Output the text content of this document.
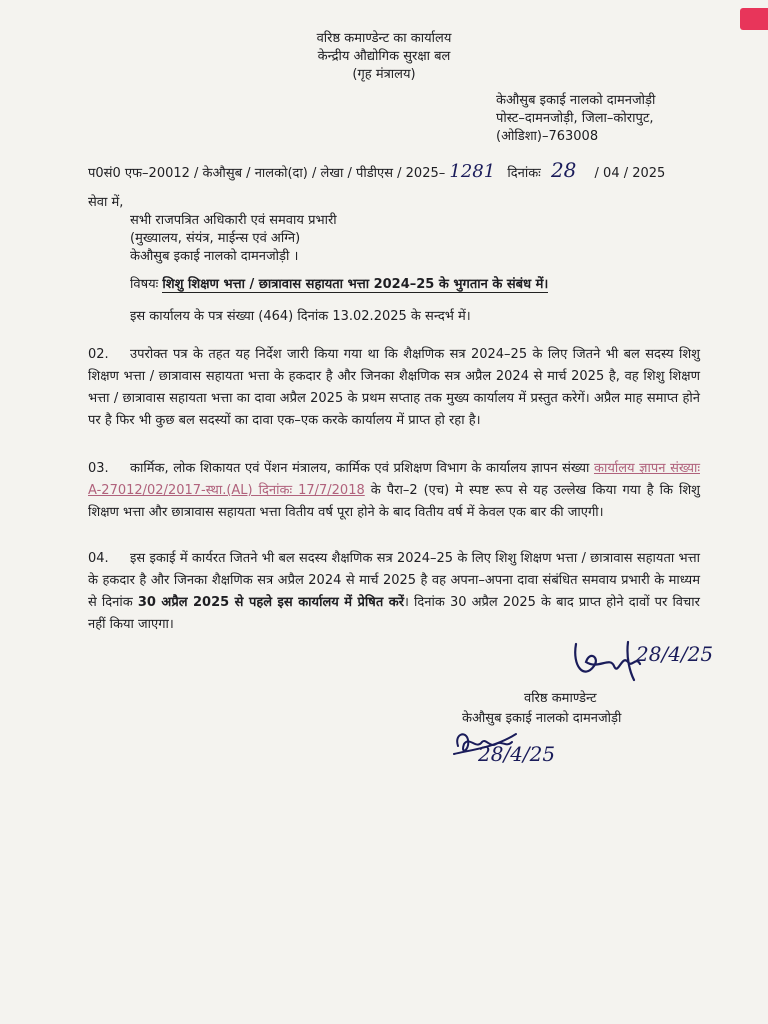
वरिष्ठ कमाण्डेन्ट का कार्यालय
केन्द्रीय औद्योगिक सुरक्षा बल
(गृह मंत्रालय)
केऔसुब इकाई नालको दामनजोड़ी
पोस्ट–दामनजोड़ी, जिला–कोरापुट,
(ओडिशा)–763008
प0सं0 एफ–20012 / केऔसुब / नालको(दा) / लेखा / पीडीएस / 2025– 1281 दिनांकः 28 / 04 / 2025
सेवा में,
सभी राजपत्रित अधिकारी एवं समवाय प्रभारी
(मुख्यालय, संयंत्र, माईन्स एवं अग्नि)
केऔसुब इकाई नालको दामनजोड़ी ।
विषयः शिशु शिक्षण भत्ता / छात्रावास सहायता भत्ता 2024–25 के भुगतान के संबंध में।
इस कार्यालय के पत्र संख्या (464) दिनांक 13.02.2025 के सन्दर्भ में।
02. उपरोक्त पत्र के तहत यह निर्देश जारी किया गया था कि शैक्षणिक सत्र 2024–25 के लिए जितने भी बल सदस्य शिशु शिक्षण भत्ता / छात्रावास सहायता भत्ता के हकदार है और जिनका शैक्षणिक सत्र अप्रैल 2024 से मार्च 2025 है, वह शिशु शिक्षण भत्ता / छात्रावास सहायता भत्ता का दावा अप्रैल 2025 के प्रथम सप्ताह तक मुख्य कार्यालय में प्रस्तुत करेगें। अप्रैल माह समाप्त होने पर है फिर भी कुछ बल सदस्यों का दावा एक–एक करके कार्यालय में प्राप्त हो रहा है।
03. कार्मिक, लोक शिकायत एवं पेंशन मंत्रालय, कार्मिक एवं प्रशिक्षण विभाग के कार्यालय ज्ञापन संख्या कार्यालय ज्ञापन संख्याः A-27012/02/2017-स्था.(AL) दिनांकः 17/7/2018 के पैरा–2 (एच) मे स्पष्ट रूप से यह उल्लेख किया गया है कि शिशु शिक्षण भत्ता और छात्रावास सहायता भत्ता वितीय वर्ष पूरा होने के बाद वितीय वर्ष में केवल एक बार की जाएगी।
04. इस इकाई में कार्यरत जितने भी बल सदस्य शैक्षणिक सत्र 2024–25 के लिए शिशु शिक्षण भत्ता / छात्रावास सहायता भत्ता के हकदार है और जिनका शैक्षणिक सत्र अप्रैल 2024 से मार्च 2025 है वह अपना–अपना दावा संबंधित समवाय प्रभारी के माध्यम से दिनांक 30 अप्रैल 2025 से पहले इस कार्यालय में प्रेषित करें। दिनांक 30 अप्रैल 2025 के बाद प्राप्त होने दावों पर विचार नहीं किया जाएगा।
28/4/25
वरिष्ठ कमाण्डेन्ट
केऔसुब इकाई नालको दामनजोड़ी
28/4/25
